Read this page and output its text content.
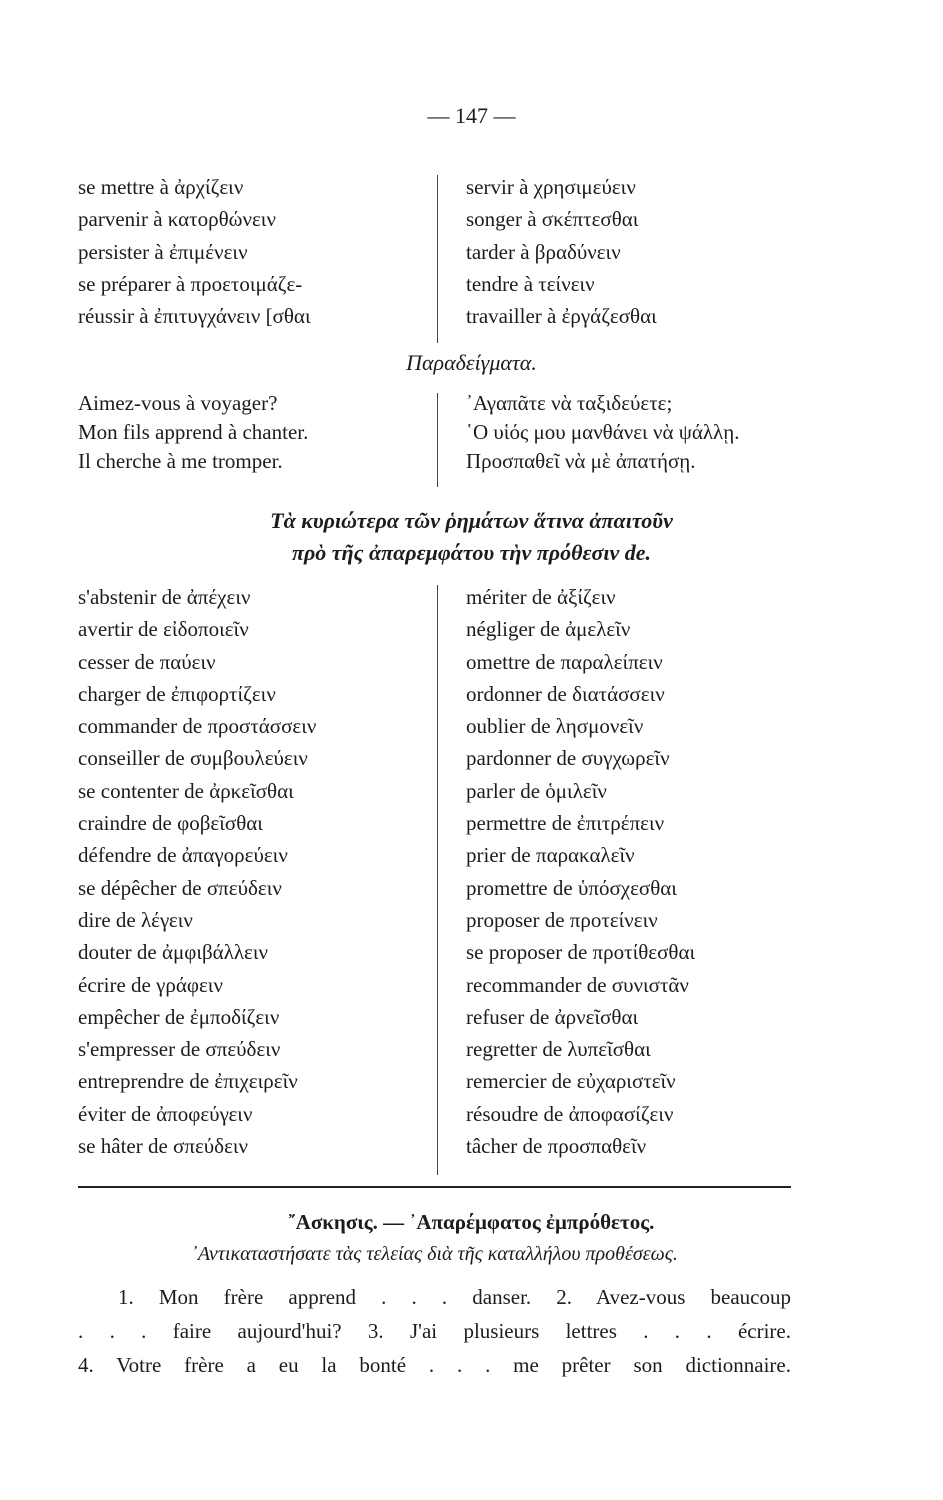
— 147 —
se mettre à ἀρχίζειν
parvenir à κατορθώνειν
persister à ἐπιμένειν
se préparer à προετοιμάζε-
réussir à ἐπιτυγχάνειν [σθαι
servir à χρησιμεύειν
songer à σκέπτεσθαι
tarder à βραδύνειν
tendre à τείνειν
travailler à ἐργάζεσθαι
Παραδείγματα.
Aimez-vous à voyager?
Mon fils apprend à chanter.
Il cherche à me tromper.
᾿Αγαπᾶτε νὰ ταξιδεύετε;
῾Ο υἱός μου μανθάνει νὰ ψάλλῃ.
Προσπαθεῖ νὰ μὲ ἀπατήσῃ.
Τὰ κυριώτερα τῶν ῥημάτων ἅτινα ἀπαιτοῦν
πρὸ τῆς ἀπαρεμφάτου τὴν πρόθεσιν de.
s'abstenir de ἀπέχειν
avertir de εἰδοποιεῖν
cesser de παύειν
charger de ἐπιφορτίζειν
commander de προστάσσειν
conseiller de συμβουλεύειν
se contenter de ἀρκεῖσθαι
craindre de φοβεῖσθαι
défendre de ἀπαγορεύειν
se dépêcher de σπεύδειν
dire de λέγειν
douter de ἀμφιβάλλειν
écrire de γράφειν
empêcher de ἐμποδίζειν
s'empresser de σπεύδειν
entreprendre de ἐπιχειρεῖν
éviter de ἀποφεύγειν
se hâter de σπεύδειν
mériter de ἀξίζειν
négliger de ἀμελεῖν
omettre de παραλείπειν
ordonner de διατάσσειν
oublier de λησμονεῖν
pardonner de συγχωρεῖν
parler de ὁμιλεῖν
permettre de ἐπιτρέπειν
prier de παρακαλεῖν
promettre de ὑπόσχεσθαι
proposer de προτείνειν
se proposer de προτίθεσθαι
recommander de συνιστᾶν
refuser de ἀρνεῖσθαι
regretter de λυπεῖσθαι
remercier de εὐχαριστεῖν
résoudre de ἀποφασίζειν
tâcher de προσπαθεῖν
῎Ασκησις. — ᾿Απαρέμφατος ἐμπρόθετος.
᾿Αντικαταστήσατε τὰς τελείας διὰ τῆς καταλλήλου προθέσεως.
1. Mon frère apprend . . . danser. 2. Avez-vous beaucoup
. . . faire aujourd'hui? 3. J'ai plusieurs lettres . . . écrire.
4. Votre frère a eu la bonté . . . me prêter son dictionnaire.
